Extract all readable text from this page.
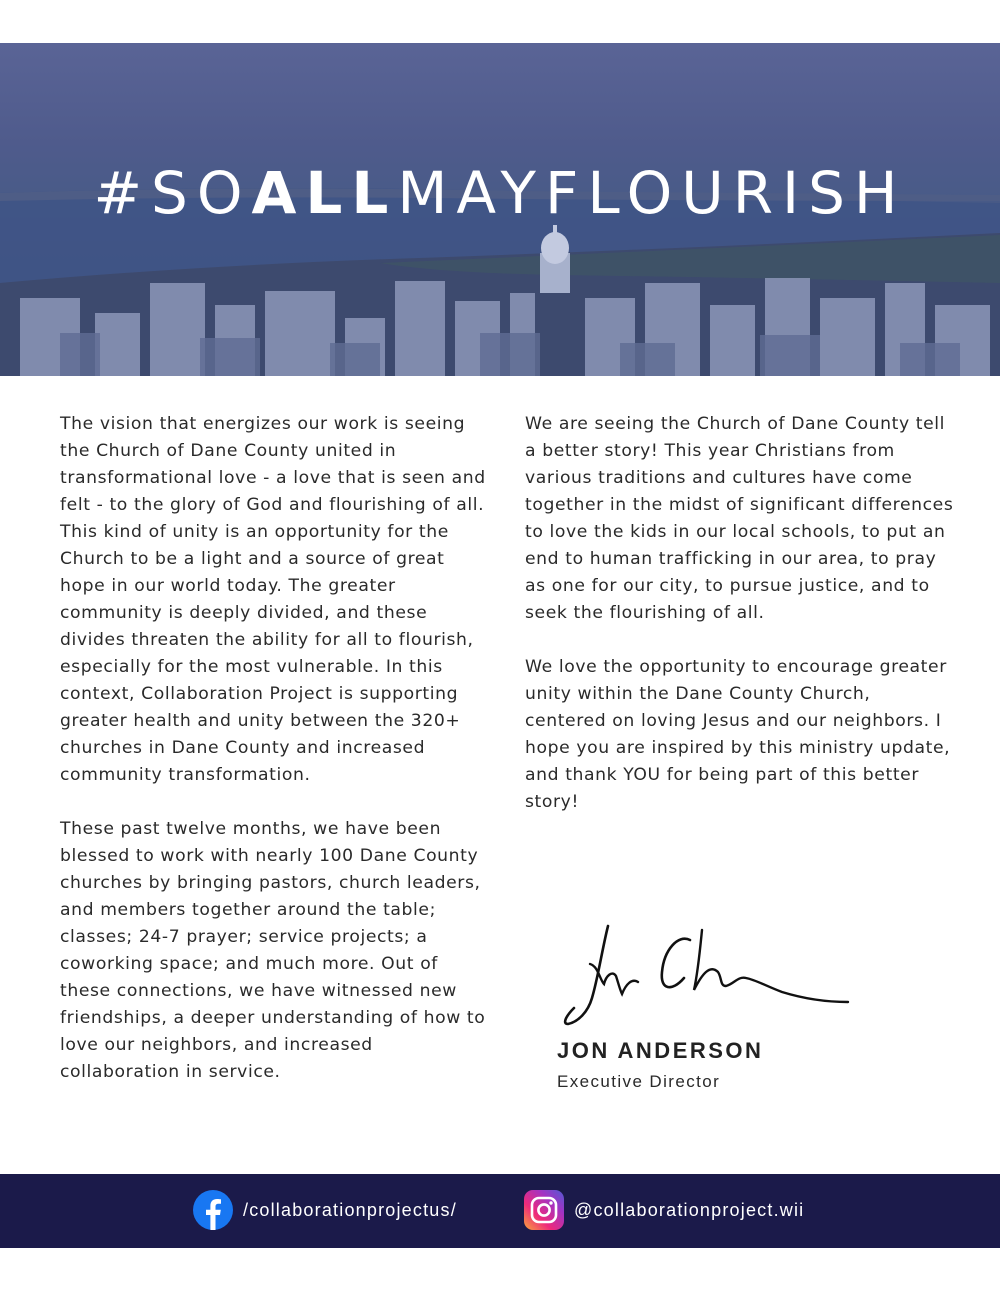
#SOALLMAYFLOURISH

The vision that energizes our work is seeing the Church of Dane County united in transformational love - a love that is seen and felt - to the glory of God and flourishing of all. This kind of unity is an opportunity for the Church to be a light and a source of great hope in our world today. The greater community is deeply divided, and these divides threaten the ability for all to flourish, especially for the most vulnerable. In this context, Collaboration Project is supporting greater health and unity between the 320+ churches in Dane County and increased community transformation.

These past twelve months, we have been blessed to work with nearly 100 Dane County churches by bringing pastors, church leaders, and members together around the table; classes; 24-7 prayer; service projects; a coworking space; and much more. Out of these connections, we have witnessed new friendships, a deeper understanding of how to love our neighbors, and increased collaboration in service.

We are seeing the Church of Dane County tell a better story! This year Christians from various traditions and cultures have come together in the midst of significant differences to love the kids in our local schools, to put an end to human trafficking in our area, to pray as one for our city, to pursue justice, and to seek the flourishing of all.

We love the opportunity to encourage greater unity within the Dane County Church, centered on loving Jesus and our neighbors. I hope you are inspired by this ministry update, and thank YOU for being part of this better story!

JON ANDERSON
Executive Director
/collaborationprojectus/	@collaborationproject.wii
